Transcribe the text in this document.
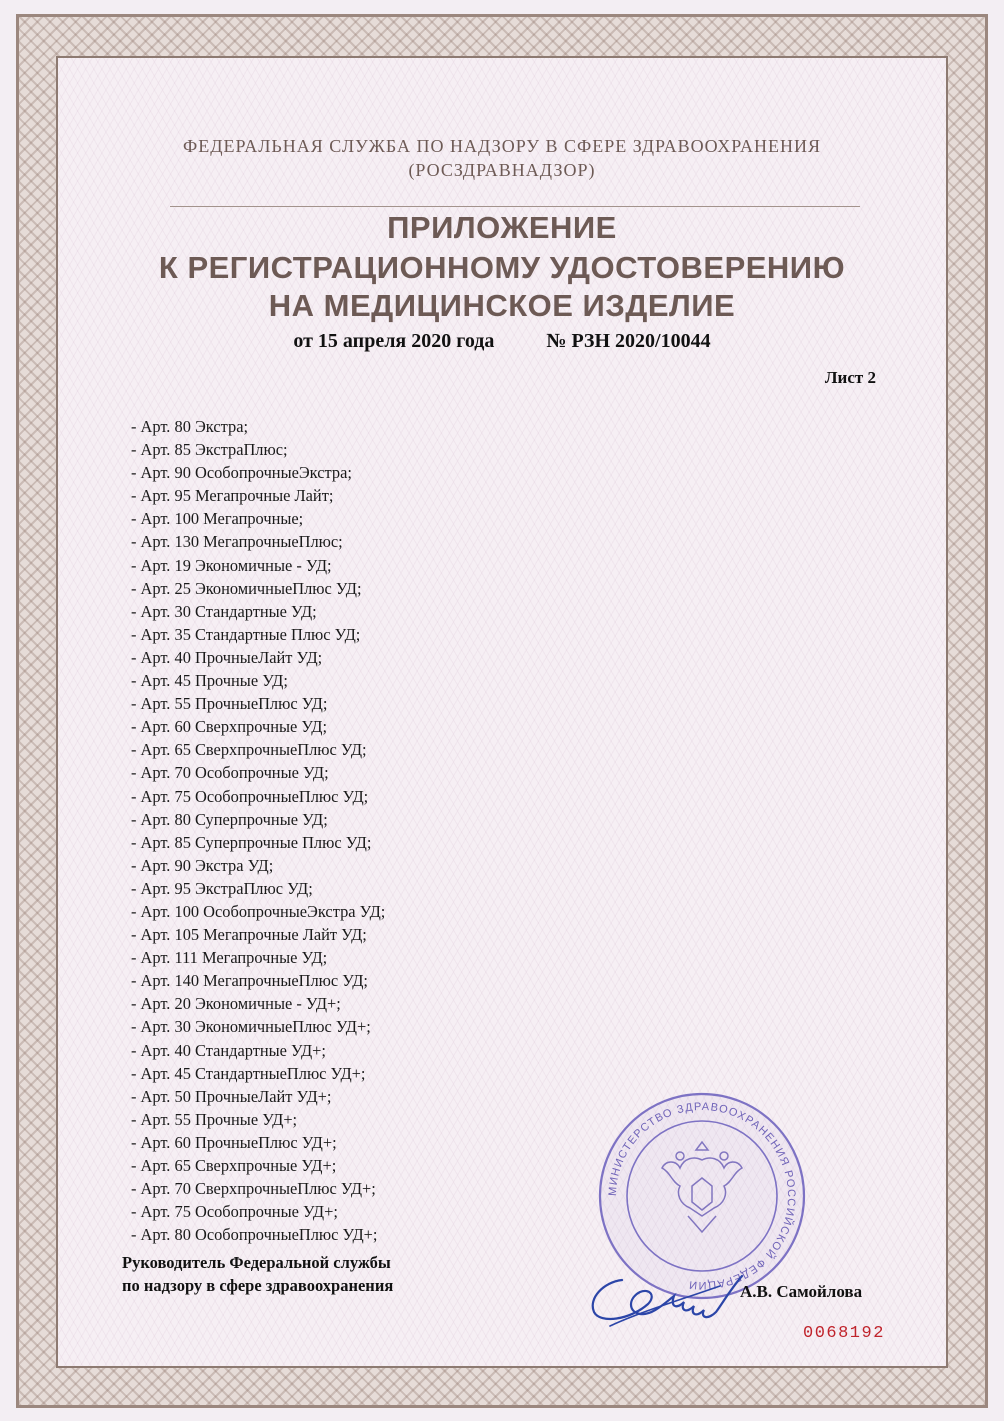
ФЕДЕРАЛЬНАЯ СЛУЖБА ПО НАДЗОРУ В СФЕРЕ ЗДРАВООХРАНЕНИЯ
(РОСЗДРАВНАДЗОР)
ПРИЛОЖЕНИЕ
К РЕГИСТРАЦИОННОМУ УДОСТОВЕРЕНИЮ
НА МЕДИЦИНСКОЕ ИЗДЕЛИЕ
от 15 апреля 2020 года	№ РЗН 2020/10044
Лист 2
- Арт. 80 Экстра;
- Арт. 85 ЭкстраПлюс;
- Арт. 90 ОсобопрочныеЭкстра;
- Арт. 95 Мегапрочные Лайт;
- Арт. 100 Мегапрочные;
- Арт. 130 МегапрочныеПлюс;
- Арт. 19 Экономичные - УД;
- Арт. 25 ЭкономичныеПлюс УД;
- Арт. 30 Стандартные УД;
- Арт. 35 Стандартные Плюс УД;
- Арт. 40 ПрочныеЛайт УД;
- Арт. 45 Прочные УД;
- Арт. 55 ПрочныеПлюс УД;
- Арт. 60 Сверхпрочные УД;
- Арт. 65 СверхпрочныеПлюс УД;
- Арт. 70 Особопрочные УД;
- Арт. 75 ОсобопрочныеПлюс УД;
- Арт. 80 Суперпрочные УД;
- Арт. 85 Суперпрочные Плюс УД;
- Арт. 90 Экстра УД;
- Арт. 95 ЭкстраПлюс УД;
- Арт. 100 ОсобопрочныеЭкстра УД;
- Арт. 105 Мегапрочные Лайт УД;
- Арт. 111 Мегапрочные УД;
- Арт. 140 МегапрочныеПлюс УД;
- Арт. 20 Экономичные - УД+;
- Арт. 30 ЭкономичныеПлюс УД+;
- Арт. 40 Стандартные УД+;
- Арт. 45 СтандартныеПлюс УД+;
- Арт. 50 ПрочныеЛайт УД+;
- Арт. 55 Прочные УД+;
- Арт. 60 ПрочныеПлюс УД+;
- Арт. 65 Сверхпрочные УД+;
- Арт. 70 СверхпрочныеПлюс УД+;
- Арт. 75 Особопрочные УД+;
- Арт. 80 ОсобопрочныеПлюс УД+;
МИНИСТЕРСТВО ЗДРАВООХРАНЕНИЯ РОССИЙСКОЙ ФЕДЕРАЦИИ
Руководитель Федеральной службы
по надзору в сфере здравоохранения	А.В. Самойлова
0068192
